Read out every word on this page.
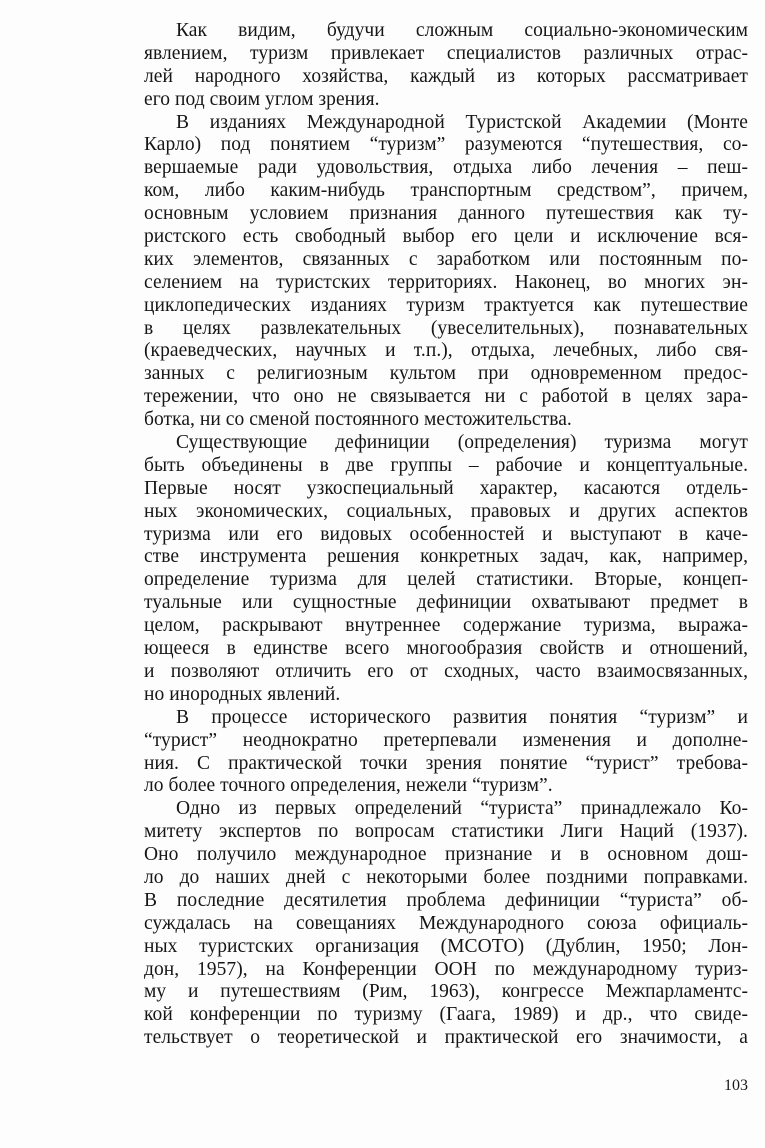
Как видим, будучи сложным социально-экономическим
явлением, туризм привлекает специалистов различных отрас-
лей народного хозяйства, каждый из которых рассматривает
его под своим углом зрения.
В изданиях Международной Туристской Академии (Монте
Карло) под понятием “туризм” разумеются “путешествия, со-
вершаемые ради удовольствия, отдыха либо лечения – пеш-
ком, либо каким-нибудь транспортным средством”, причем,
основным условием признания данного путешествия как ту-
ристского есть свободный выбор его цели и исключение вся-
ких элементов, связанных с заработком или постоянным по-
селением на туристских территориях. Наконец, во многих эн-
циклопедических изданиях туризм трактуется как путешествие
в целях развлекательных (увеселительных), познавательных
(краеведческих, научных и т.п.), отдыха, лечебных, либо свя-
занных с религиозным культом при одновременном предос-
тережении, что оно не связывается ни с работой в целях зара-
ботка, ни со сменой постоянного местожительства.
Существующие дефиниции (определения) туризма могут
быть объединены в две группы – рабочие и концептуальные.
Первые носят узкоспециальный характер, касаются отдель-
ных экономических, социальных, правовых и других аспектов
туризма или его видовых особенностей и выступают в каче-
стве инструмента решения конкретных задач, как, например,
определение туризма для целей статистики. Вторые, концеп-
туальные или сущностные дефиниции охватывают предмет в
целом, раскрывают внутреннее содержание туризма, выража-
ющееся в единстве всего многообразия свойств и отношений,
и позволяют отличить его от сходных, часто взаимосвязанных,
но инородных явлений.
В процессе исторического развития понятия “туризм” и
“турист” неоднократно претерпевали изменения и дополне-
ния. С практической точки зрения понятие “турист” требова-
ло более точного определения, нежели “туризм”.
Одно из первых определений “туриста” принадлежало Ко-
митету экспертов по вопросам статистики Лиги Наций (1937).
Оно получило международное признание и в основном дош-
ло до наших дней с некоторыми более поздними поправками.
В последние десятилетия проблема дефиниции “туриста” об-
суждалась на совещаниях Международного союза официаль-
ных туристских организация (МСОТО) (Дублин, 1950; Лон-
дон, 1957), на Конференции ООН по международному туриз-
му и путешествиям (Рим, 1963), конгрессе Межпарламентс-
кой конференции по туризму (Гаага, 1989) и др., что свиде-
тельствует о теоретической и практической его значимости, а
103
